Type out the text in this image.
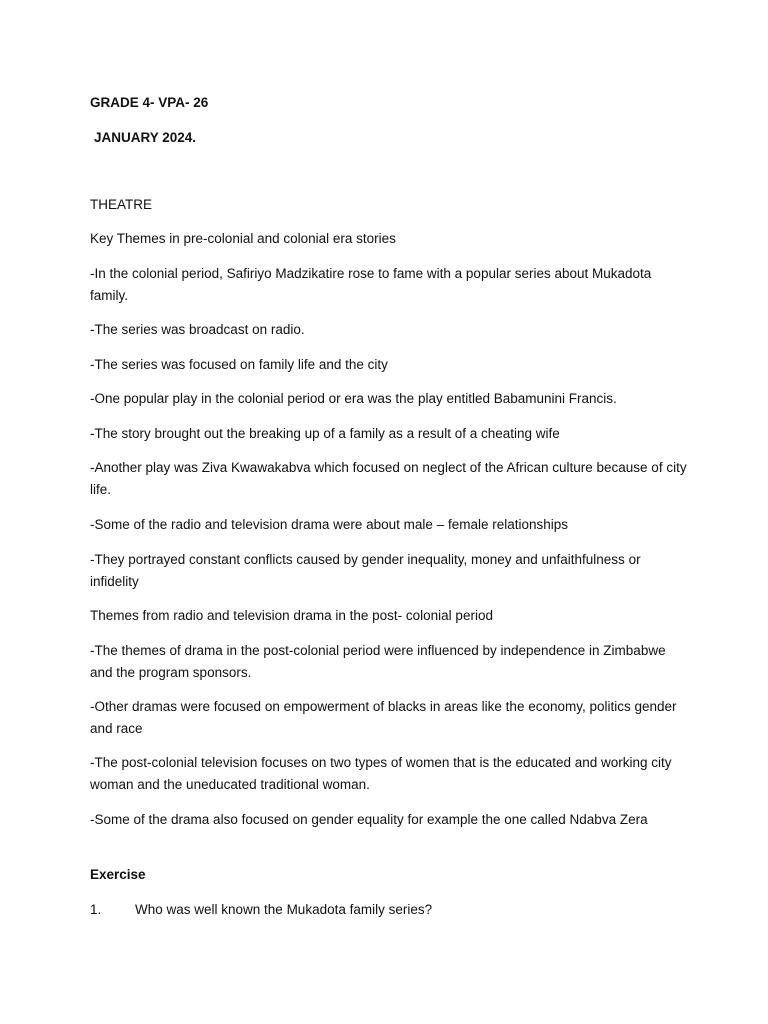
GRADE 4- VPA- 26
JANUARY 2024.
THEATRE
Key Themes in pre-colonial and colonial era stories
-In the colonial period, Safiriyo Madzikatire rose to fame with a popular series about Mukadota family.
-The series was broadcast on radio.
-The series was focused on family life and the city
-One popular play in the colonial period or era was the play entitled Babamunini Francis.
-The story brought out the breaking up of a family as a result of a cheating wife
-Another play was Ziva Kwawakabva which focused on neglect of the African culture because of city life.
-Some of the radio and television drama were about male – female relationships
-They portrayed constant conflicts caused by gender inequality, money and unfaithfulness or infidelity
Themes from radio and television drama in the post- colonial period
-The themes of drama in the post-colonial period were influenced by independence in Zimbabwe and the program sponsors.
-Other dramas were focused on empowerment of blacks in areas like the economy, politics gender and race
-The post-colonial television focuses on two types of women that is the educated and working city woman and the uneducated traditional woman.
-Some of the drama also focused on gender equality for example the one called Ndabva Zera
Exercise
1. Who was well known the Mukadota family series?
